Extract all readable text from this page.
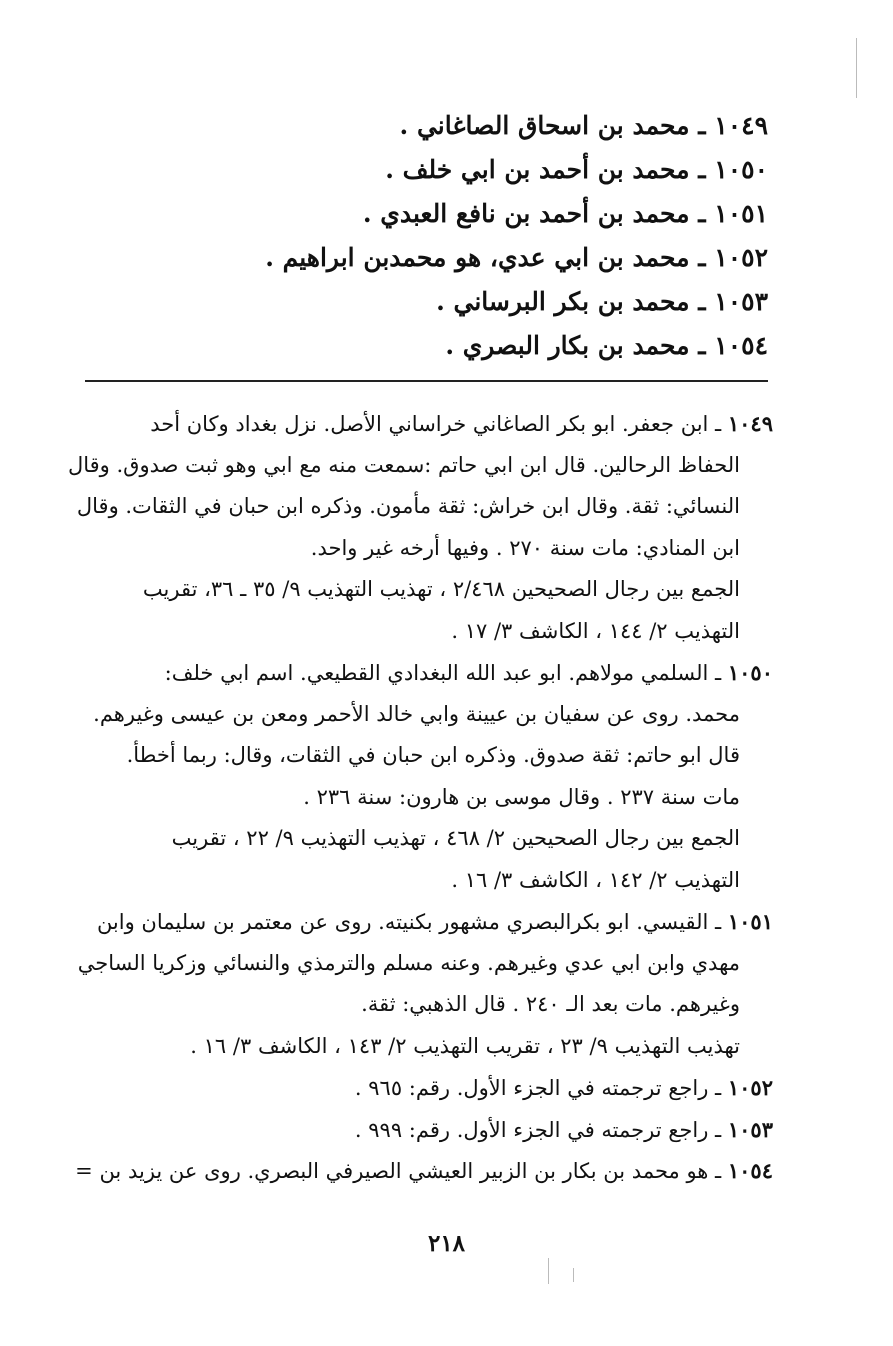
١٠٤٩ ـ محمد بن اسحاق الصاغاني .
١٠٥٠ ـ محمد بن أحمد بن ابي خلف .
١٠٥١ ـ محمد بن أحمد بن نافع العبدي .
١٠٥٢ ـ محمد بن ابي عدي، هو محمدبن ابراهيم .
١٠٥٣ ـ محمد بن بكر البرساني .
١٠٥٤ ـ محمد بن بكار البصري .
١٠٤٩ ـ ابن جعفر. ابو بكر الصاغاني خراساني الأصل. نزل بغداد وكان أحد
الحفاظ الرحالين. قال ابن ابي حاتم :سمعت منه مع ابي وهو ثبت صدوق. وقال
النسائي: ثقة. وقال ابن خراش: ثقة مأمون. وذكره ابن حبان في الثقات. وقال
ابن المنادي: مات سنة ٢٧٠ . وفيها أرخه غير واحد.
الجمع بين رجال الصحيحين ٢/٤٦٨ ، تهذيب التهذيب ٩/ ٣٥ ـ ٣٦، تقريب
التهذيب ٢/ ١٤٤ ، الكاشف ٣/ ١٧ .
١٠٥٠ ـ السلمي مولاهم. ابو عبد الله البغدادي القطيعي. اسم ابي خلف:
محمد. روى عن سفيان بن عيينة وابي خالد الأحمر ومعن بن عيسى وغيرهم.
قال ابو حاتم: ثقة صدوق. وذكره ابن حبان في الثقات، وقال: ربما أخطأ.
مات سنة ٢٣٧ . وقال موسى بن هارون: سنة ٢٣٦ .
الجمع بين رجال الصحيحين ٢/ ٤٦٨ ، تهذيب التهذيب ٩/ ٢٢ ، تقريب
التهذيب ٢/ ١٤٢ ، الكاشف ٣/ ١٦ .
١٠٥١ ـ القيسي. ابو بكرالبصري مشهور بكنيته. روى عن معتمر بن سليمان وابن
مهدي وابن ابي عدي وغيرهم. وعنه مسلم والترمذي والنسائي وزكريا الساجي
وغيرهم. مات بعد الـ ٢٤٠ . قال الذهبي: ثقة.
تهذيب التهذيب ٩/ ٢٣ ، تقريب التهذيب ٢/ ١٤٣ ، الكاشف ٣/ ١٦ .
١٠٥٢ ـ راجع ترجمته في الجزء الأول. رقم: ٩٦٥ .
١٠٥٣ ـ راجع ترجمته في الجزء الأول. رقم: ٩٩٩ .
١٠٥٤ ـ هو محمد بن بكار بن الزبير العيشي الصيرفي البصري. روى عن يزيد بن =
٢١٨
